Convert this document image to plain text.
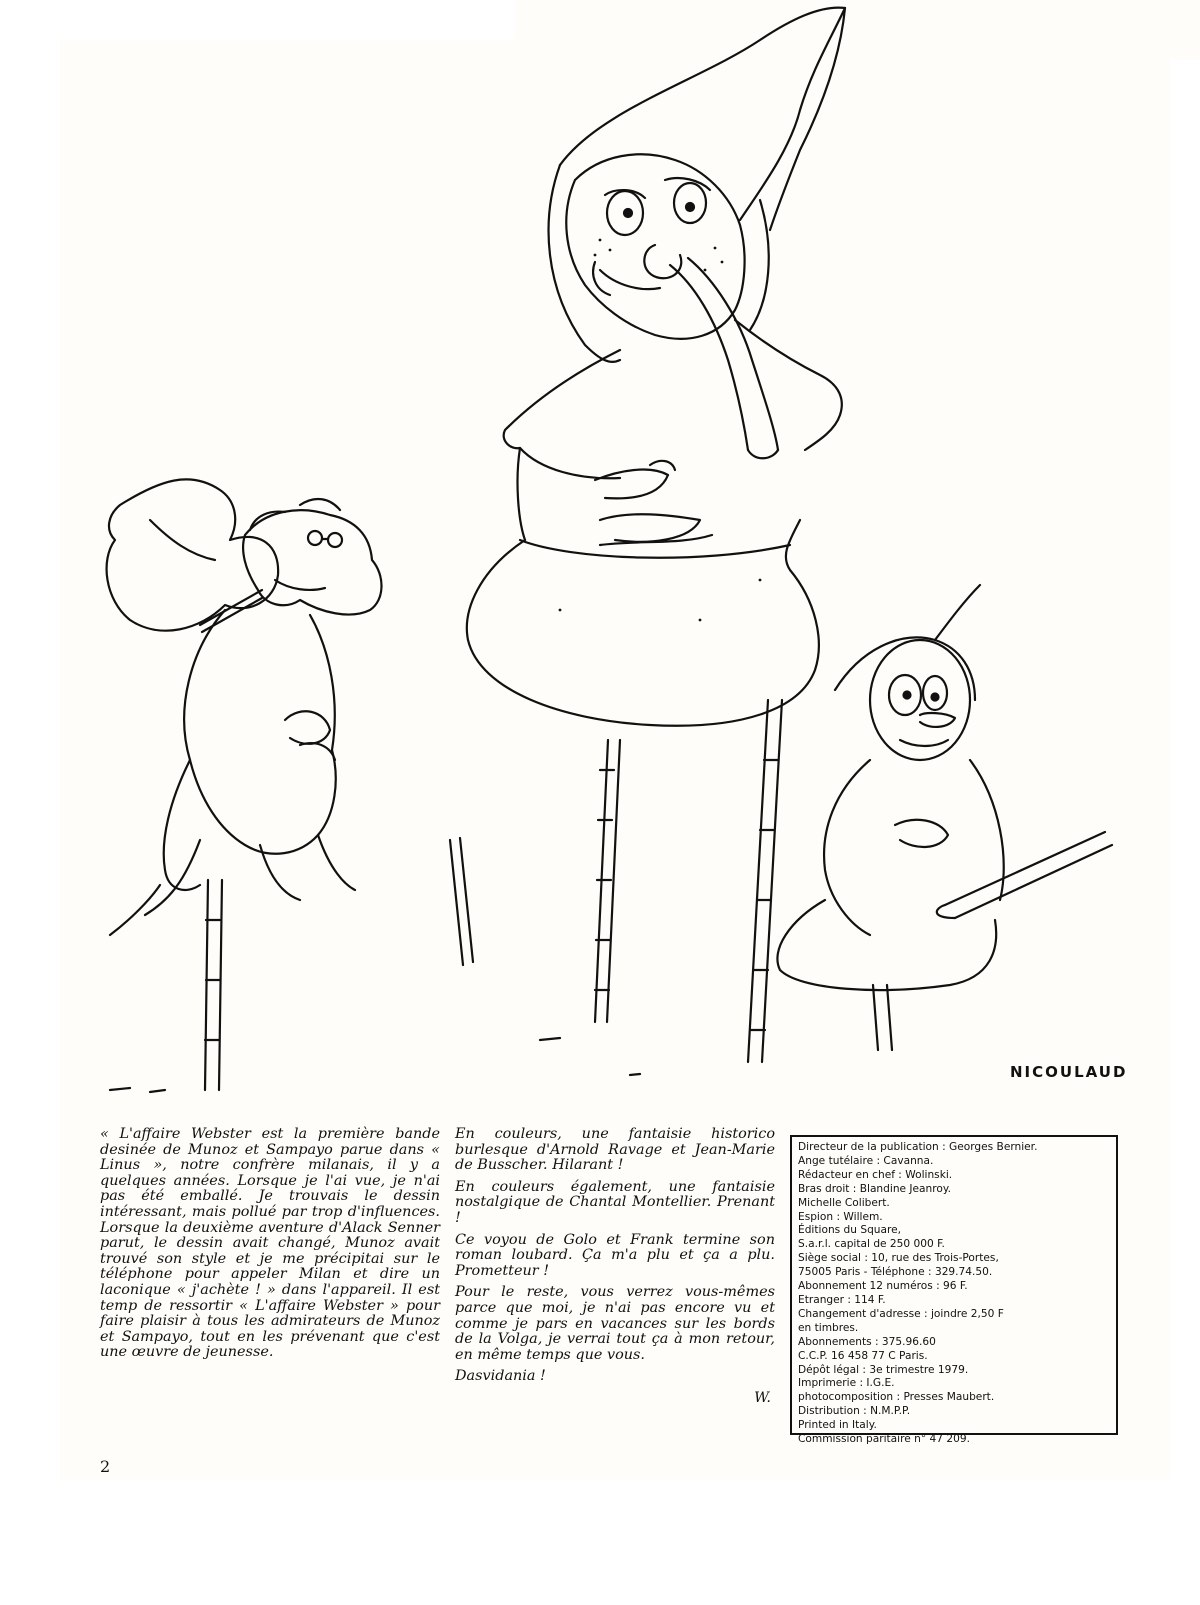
NICOULAUD

« L'affaire Webster est la première bande desinée de Munoz et Sampayo parue dans « Linus », notre confrère milanais, il y a quelques années. Lorsque je l'ai vue, je n'ai pas été emballé. Je trouvais le dessin intéressant, mais pollué par trop d'influences. Lorsque la deuxième aventure d'Alack Senner parut, le dessin avait changé, Munoz avait trouvé son style et je me précipitai sur le téléphone pour appeler Milan et dire un laconique « j'achète ! » dans l'appareil. Il est temp de ressortir « L'affaire Webster » pour faire plaisir à tous les admirateurs de Munoz et Sampayo, tout en les prévenant que c'est une œuvre de jeunesse.

En couleurs, une fantaisie historico burlesque d'Arnold Ravage et Jean-Marie de Busscher. Hilarant !

En couleurs également, une fantaisie nostalgique de Chantal Montellier. Prenant !

Ce voyou de Golo et Frank termine son roman loubard. Ça m'a plu et ça a plu. Prometteur !

Pour le reste, vous verrez vous-mêmes parce que moi, je n'ai pas encore vu et comme je pars en vacances sur les bords de la Volga, je verrai tout ça à mon retour, en même temps que vous.

Dasvidania !

W.

Directeur de la publication : Georges Bernier.
Ange tutélaire : Cavanna.
Rédacteur en chef : Wolinski.
Bras droit : Blandine Jeanroy.
Michelle Colibert.
Espion : Willem.
Éditions du Square,
S.a.r.l. capital de 250 000 F.
Siège social : 10, rue des Trois-Portes,
75005 Paris - Téléphone : 329.74.50.
Abonnement 12 numéros : 96 F.
Etranger : 114 F.
Changement d'adresse : joindre 2,50 F
en timbres.
Abonnements : 375.96.60
C.C.P. 16 458 77 C Paris.
Dépôt légal : 3e trimestre 1979.
Imprimerie : I.G.E.
photocomposition : Presses Maubert.
Distribution : N.M.P.P.
Printed in Italy.
Commission paritaire n° 47 209.
2
